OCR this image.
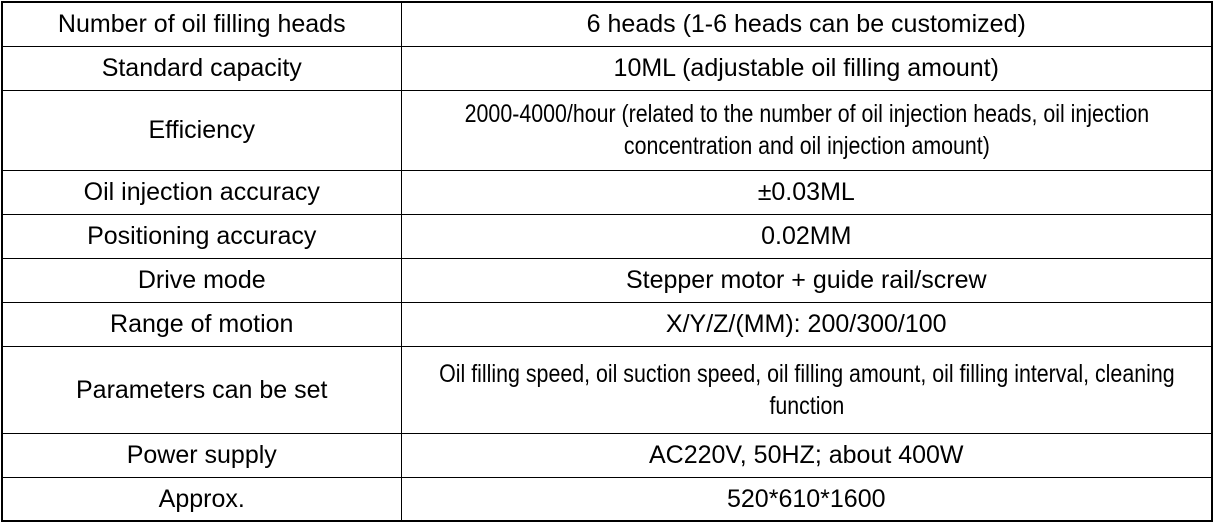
Number of oil filling heads	6 heads (1-6 heads can be customized)
Standard capacity	10ML (adjustable oil filling amount)
Efficiency	2000-4000/hour (related to the number of oil injection heads, oil injection concentration and oil injection amount)

Oil injection accuracy	±0.03ML
Positioning accuracy	0.02MM
Drive mode	Stepper motor + guide rail/screw
Range of motion	X/Y/Z/(MM): 200/300/100
Parameters can be set	Oil filling speed, oil suction speed, oil filling amount, oil filling interval, cleaning function

Power supply	AC220V, 50HZ; about 400W
Approx.	520*610*1600
